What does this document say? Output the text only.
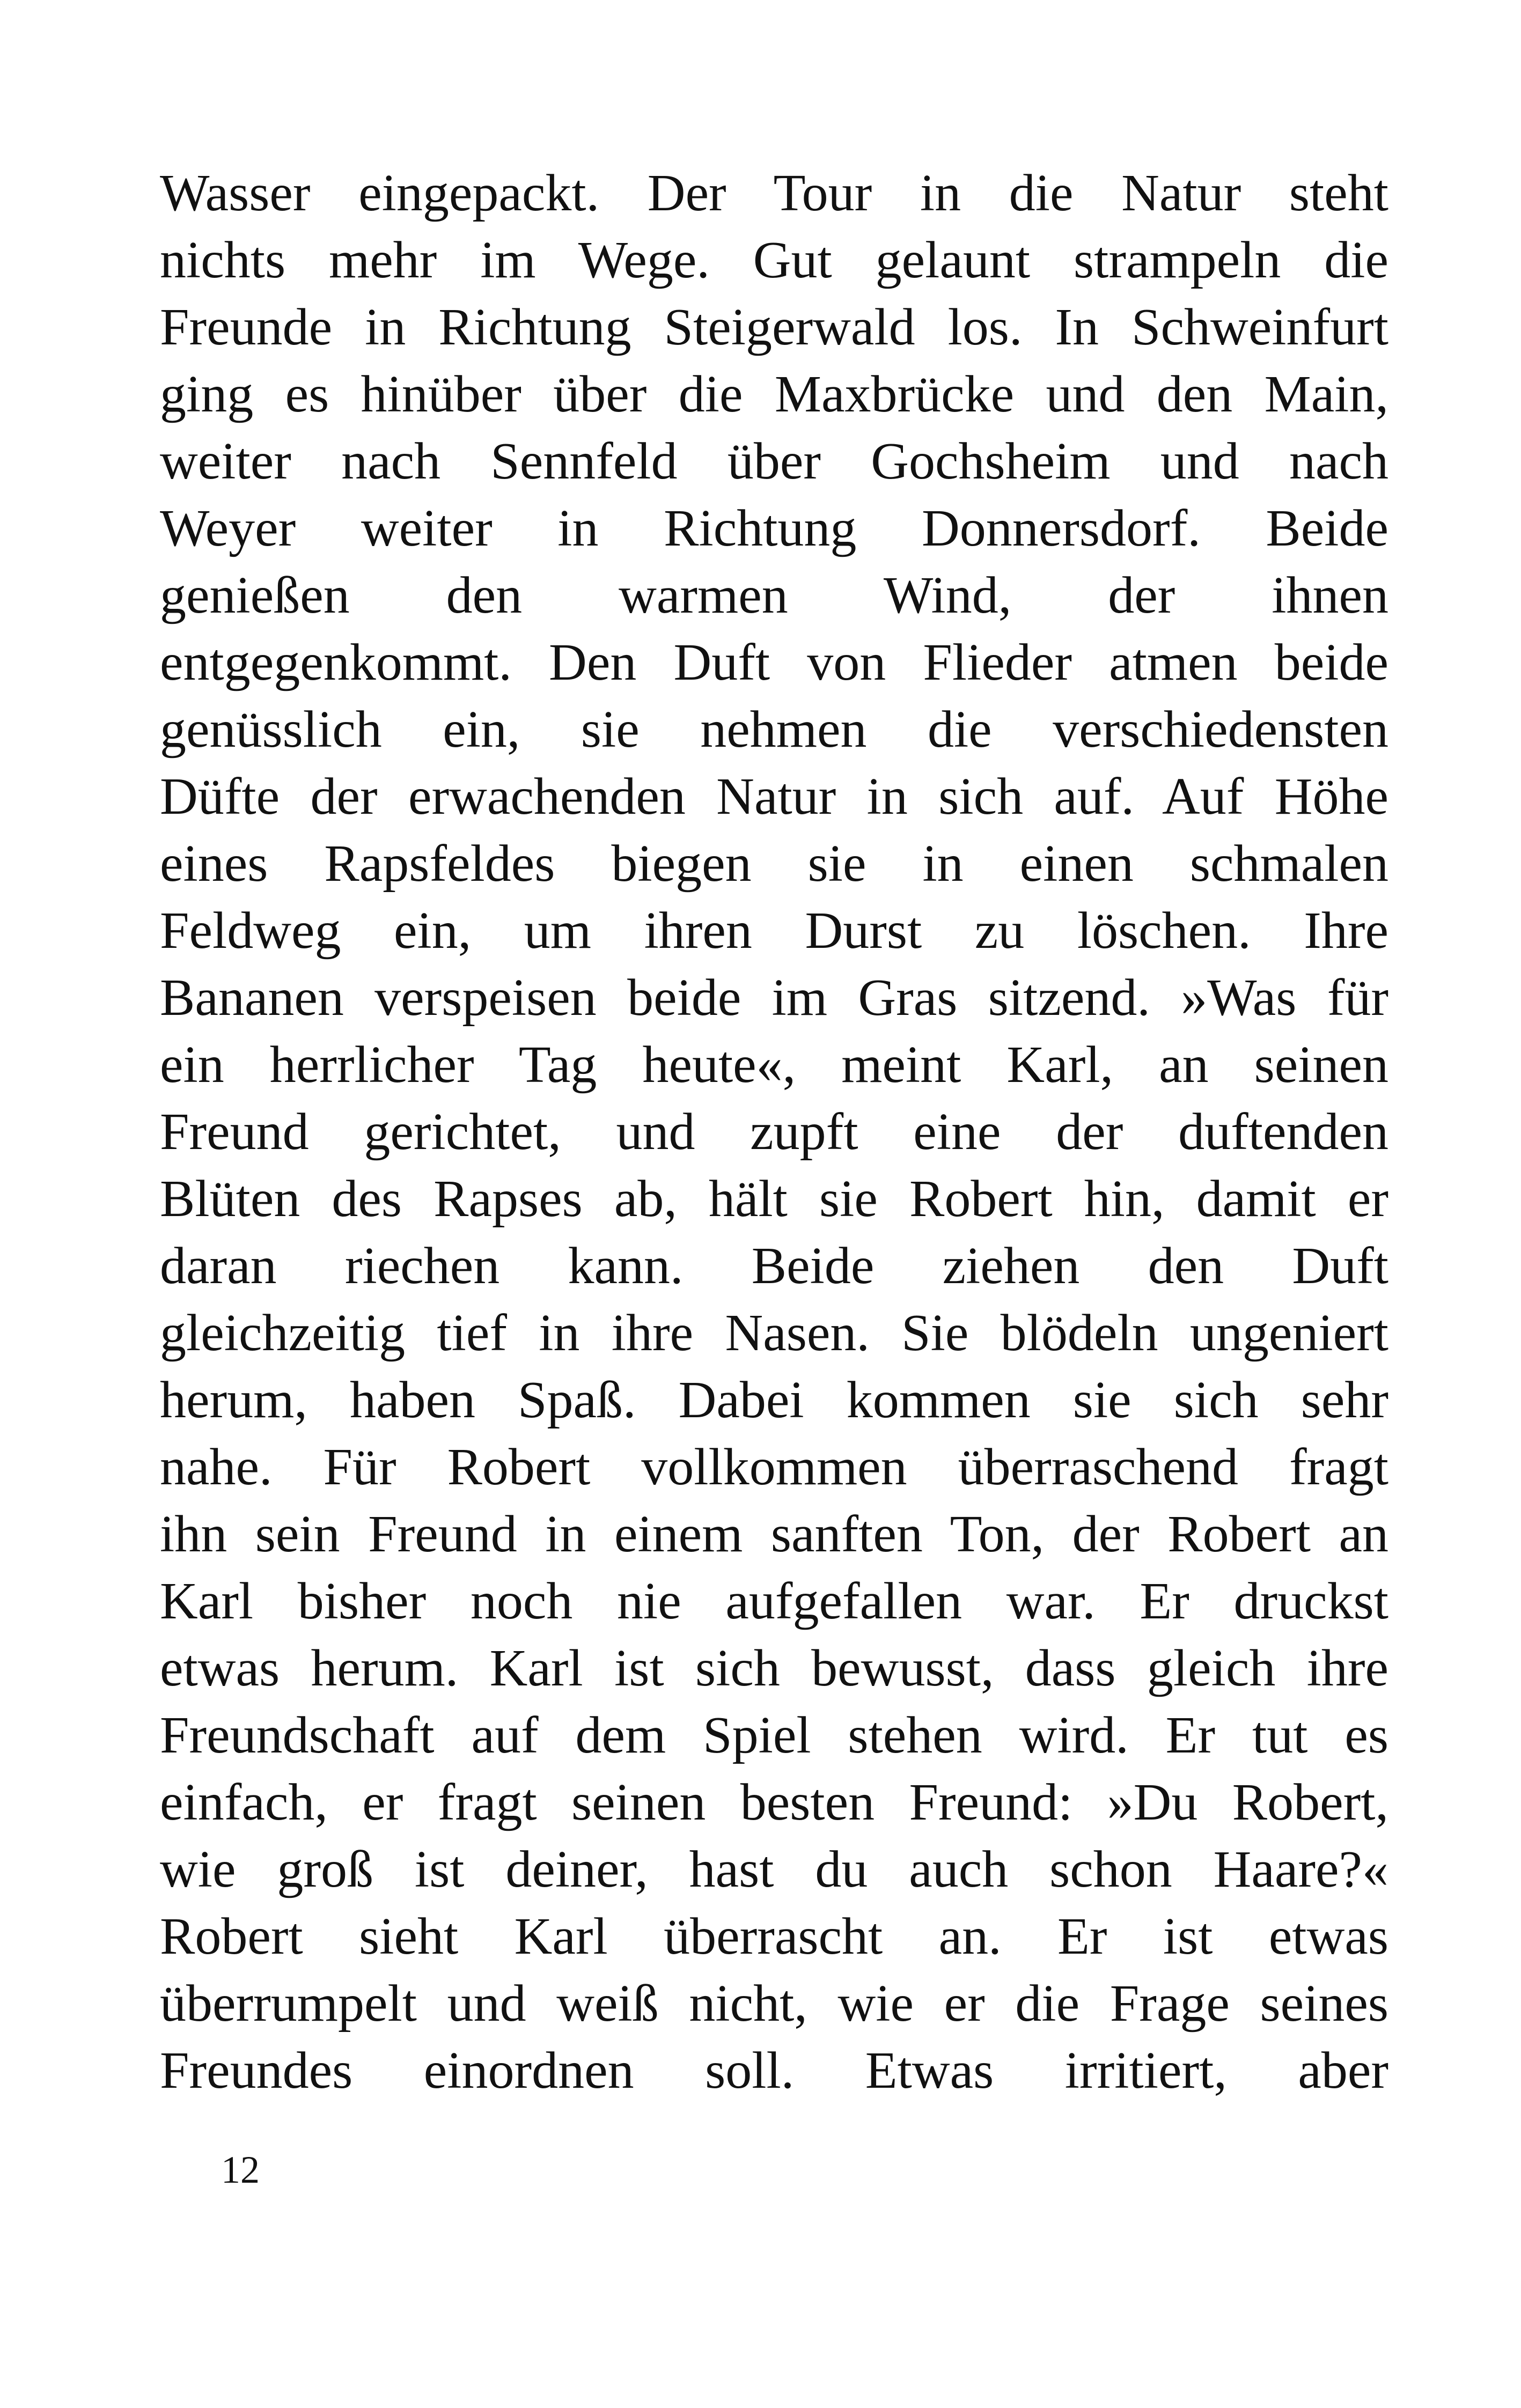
Wasser eingepackt. Der Tour in die Natur steht
nichts mehr im Wege. Gut gelaunt strampeln die
Freunde in Richtung Steigerwald los. In Schweinfurt
ging es hinüber über die Maxbrücke und den Main,
weiter nach Sennfeld über Gochsheim und nach
Weyer weiter in Richtung Donnersdorf. Beide
genießen den warmen Wind, der ihnen
entgegenkommt. Den Duft von Flieder atmen beide
genüsslich ein, sie nehmen die verschiedensten
Düfte der erwachenden Natur in sich auf. Auf Höhe
eines Rapsfeldes biegen sie in einen schmalen
Feldweg ein, um ihren Durst zu löschen. Ihre
Bananen verspeisen beide im Gras sitzend. »Was für
ein herrlicher Tag heute«, meint Karl, an seinen
Freund gerichtet, und zupft eine der duftenden
Blüten des Rapses ab, hält sie Robert hin, damit er
daran riechen kann. Beide ziehen den Duft
gleichzeitig tief in ihre Nasen. Sie blödeln ungeniert
herum, haben Spaß. Dabei kommen sie sich sehr
nahe. Für Robert vollkommen überraschend fragt
ihn sein Freund in einem sanften Ton, der Robert an
Karl bisher noch nie aufgefallen war. Er druckst
etwas herum. Karl ist sich bewusst, dass gleich ihre
Freundschaft auf dem Spiel stehen wird. Er tut es
einfach, er fragt seinen besten Freund: »Du Robert,
wie groß ist deiner, hast du auch schon Haare?«
Robert sieht Karl überrascht an. Er ist etwas
überrumpelt und weiß nicht, wie er die Frage seines
Freundes einordnen soll. Etwas irritiert, aber
12
